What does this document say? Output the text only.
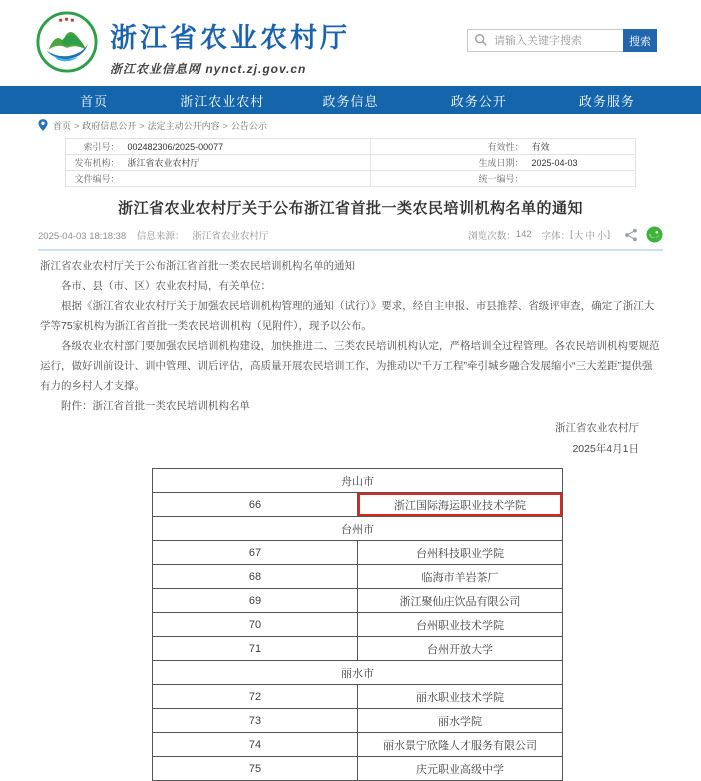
浙江省农业农村厅
浙江农业信息网 nynct.zj.gov.cn
请输入关键字搜索
搜索
首页	浙江农业农村	政务信息	政务公开	政务服务
首页 > 政府信息公开 > 法定主动公开内容 > 公告公示
索引号：	002482306/2025-00077	有效性：	有效
发布机构：	浙江省农业农村厅	生成日期：	2025-04-03
文件编号：		统一编号：	
浙江省农业农村厅关于公布浙江省首批一类农民培训机构名单的通知
2025-04-03 18:18:38 信息来源： 浙江省农业农村厅	浏览次数： 142 字体： [ 大 中 小 ]

浙江省农业农村厅关于公布浙江省首批一类农民培训机构名单的通知

各市、县（市、区）农业农村局，有关单位：

根据《浙江省农业农村厅关于加强农民培训机构管理的通知（试行）》要求，经自主申报、市县推荐、省级评审查，确定了浙江大学等75家机构为浙江省首批一类农民培训机构（见附件），现予以公布。

各级农业农村部门要加强农民培训机构建设，加快推进二、三类农民培训机构认定，严格培训全过程管理。各农民培训机构要规范运行，做好训前设计、训中管理、训后评估，高质量开展农民培训工作，为推动以“千万工程”牵引城乡融合发展缩小“三大差距”提供强有力的乡村人才支撑。

附件：浙江省首批一类农民培训机构名单

浙江省农业农村厅
2025年4月1日
舟山市	
66	浙江国际海运职业技术学院
台州市	
67	台州科技职业学院
68	临海市羊岩茶厂
69	浙江聚仙庄饮品有限公司
70	台州职业技术学院
71	台州开放大学
丽水市	
72	丽水职业技术学院
73	丽水学院
74	丽水景宁欣隆人才服务有限公司
75	庆元职业高级中学
